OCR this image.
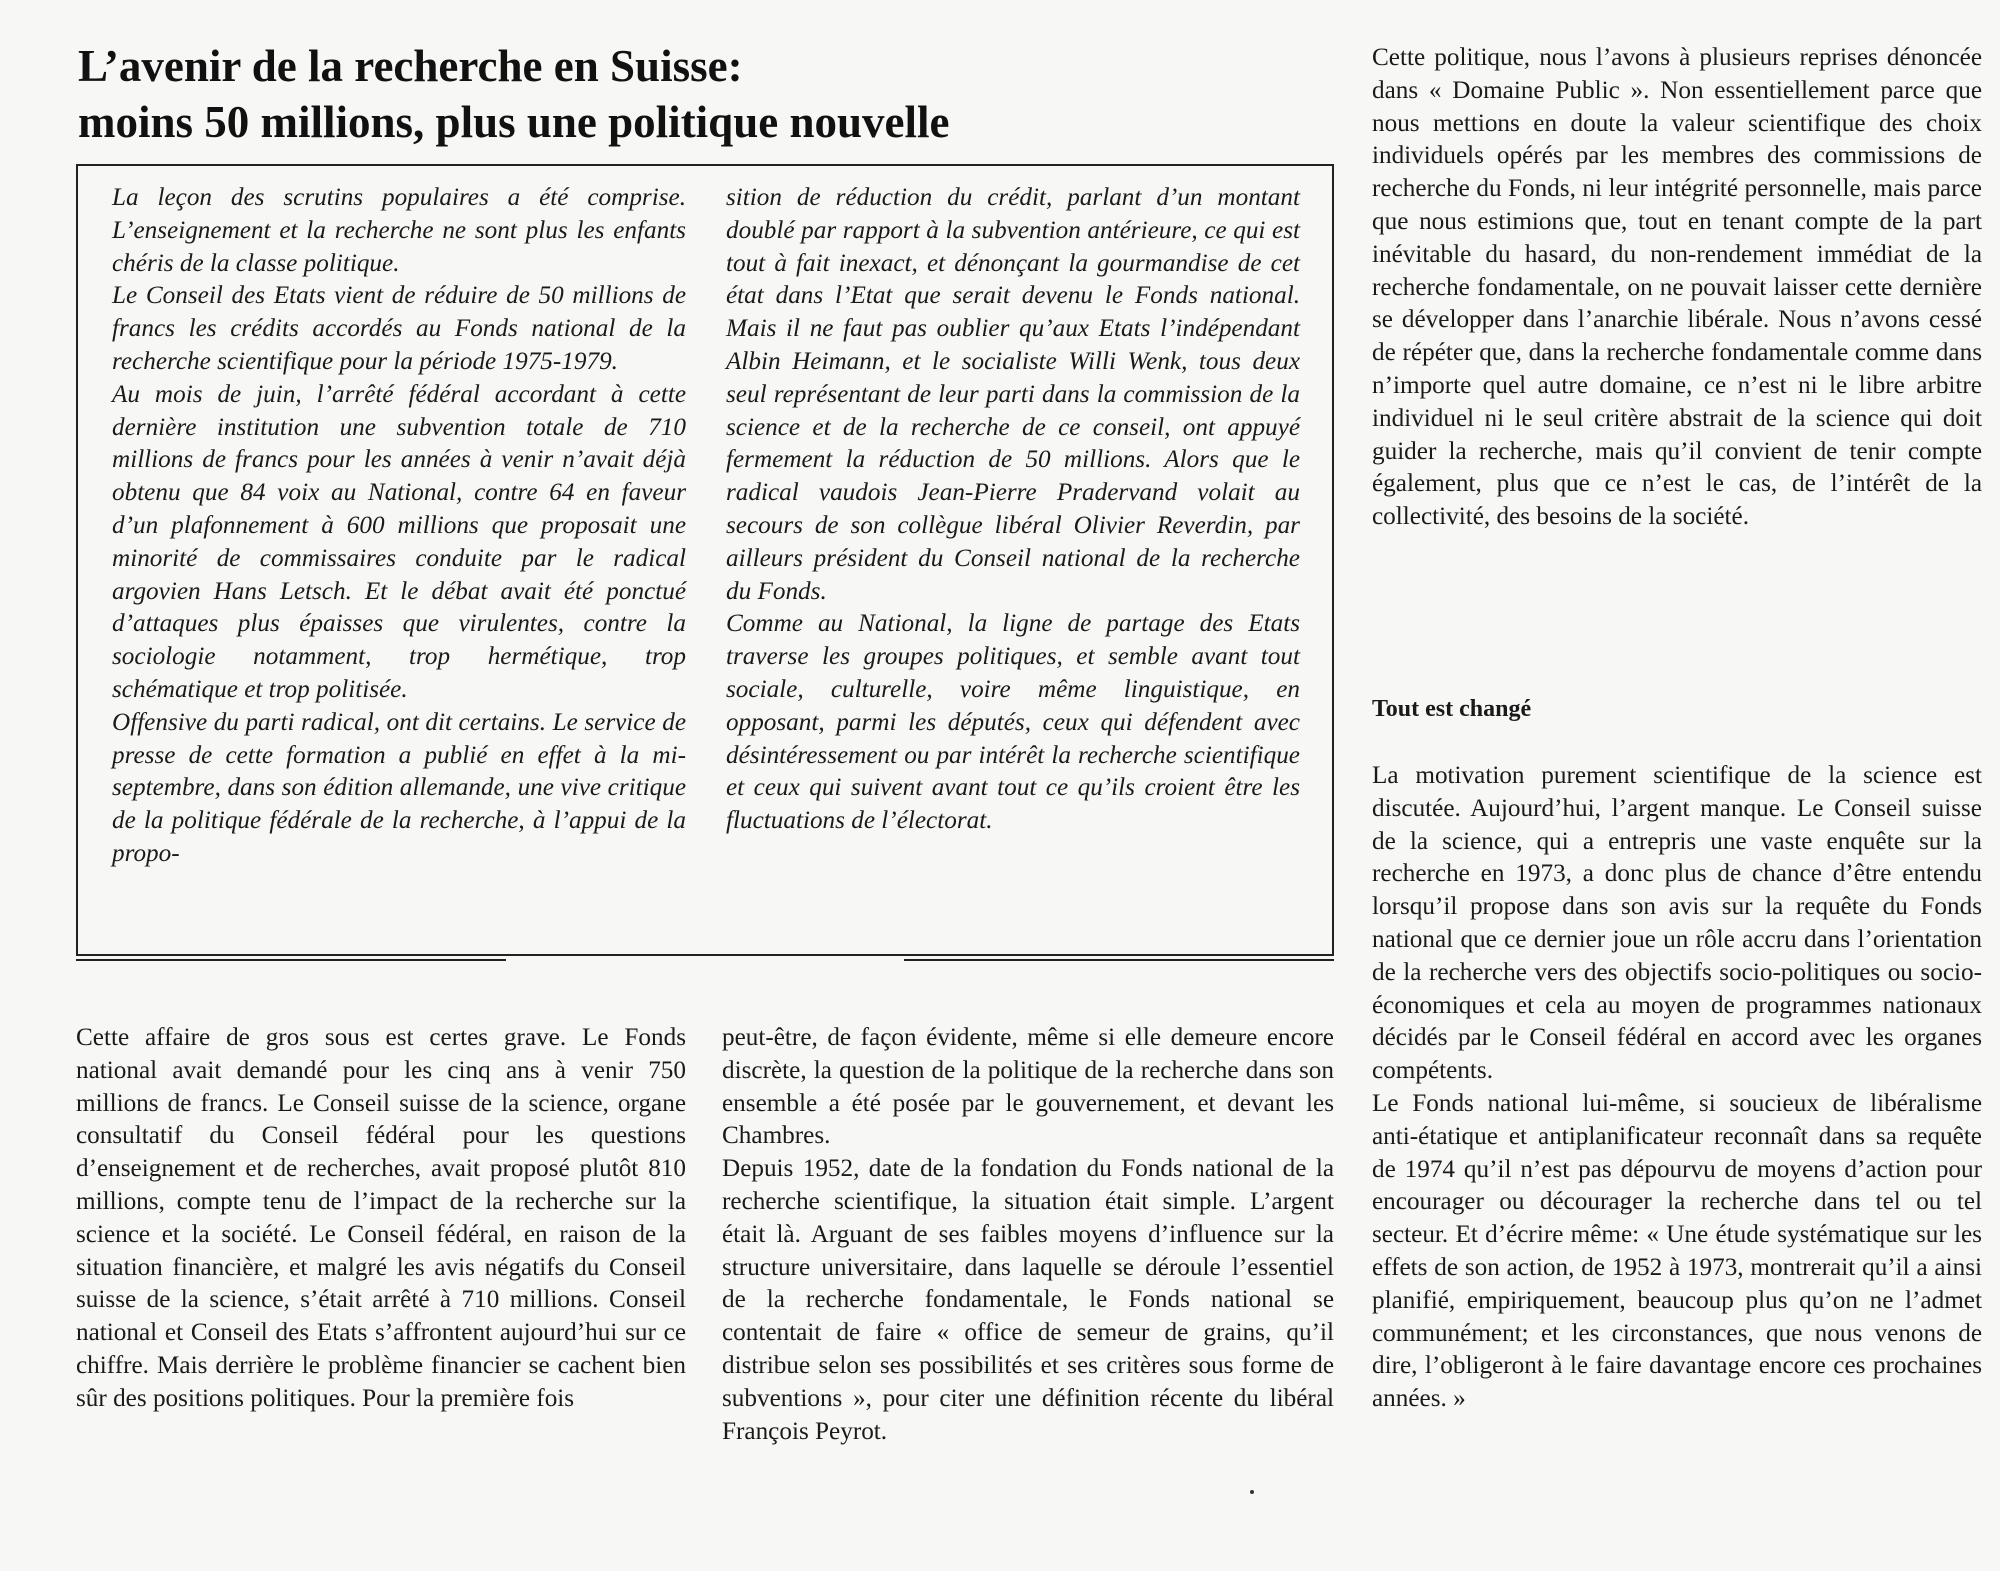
L’avenir de la recherche en Suisse:
moins 50 millions, plus une politique nouvelle

La leçon des scrutins populaires a été comprise. L’enseignement et la recherche ne sont plus les enfants chéris de la classe politique.

Le Conseil des Etats vient de réduire de 50 millions de francs les crédits accordés au Fonds national de la recherche scientifique pour la période 1975-1979.

Au mois de juin, l’arrêté fédéral accordant à cette dernière institution une subvention totale de 710 millions de francs pour les années à venir n’avait déjà obtenu que 84 voix au National, contre 64 en faveur d’un plafonnement à 600 millions que proposait une minorité de commissaires conduite par le radical argovien Hans Letsch. Et le débat avait été ponctué d’attaques plus épaisses que virulentes, contre la sociologie notamment, trop hermétique, trop schématique et trop politisée.

Offensive du parti radical, ont dit certains. Le service de presse de cette formation a publié en effet à la mi-septembre, dans son édition allemande, une vive critique de la politique fédérale de la recherche, à l’appui de la propo-

sition de réduction du crédit, parlant d’un montant doublé par rapport à la subvention antérieure, ce qui est tout à fait inexact, et dénonçant la gourmandise de cet état dans l’Etat que serait devenu le Fonds national. Mais il ne faut pas oublier qu’aux Etats l’indépendant Albin Heimann, et le socialiste Willi Wenk, tous deux seul représentant de leur parti dans la commission de la science et de la recherche de ce conseil, ont appuyé fermement la réduction de 50 millions. Alors que le radical vaudois Jean-Pierre Pradervand volait au secours de son collègue libéral Olivier Reverdin, par ailleurs président du Conseil national de la recherche du Fonds.

Comme au National, la ligne de partage des Etats traverse les groupes politiques, et semble avant tout sociale, culturelle, voire même linguistique, en opposant, parmi les députés, ceux qui défendent avec désintéressement ou par intérêt la recherche scientifique et ceux qui suivent avant tout ce qu’ils croient être les fluctuations de l’électorat.

Cette affaire de gros sous est certes grave. Le Fonds national avait demandé pour les cinq ans à venir 750 millions de francs. Le Conseil suisse de la science, organe consultatif du Conseil fédéral pour les questions d’enseignement et de recherches, avait proposé plutôt 810 millions, compte tenu de l’impact de la recherche sur la science et la société. Le Conseil fédéral, en raison de la situation financière, et malgré les avis négatifs du Conseil suisse de la science, s’était arrêté à 710 millions. Conseil national et Conseil des Etats s’affrontent aujourd’hui sur ce chiffre. Mais derrière le problème financier se cachent bien sûr des positions politiques. Pour la première fois

peut-être, de façon évidente, même si elle demeure encore discrète, la question de la politique de la recherche dans son ensemble a été posée par le gouvernement, et devant les Chambres.

Depuis 1952, date de la fondation du Fonds national de la recherche scientifique, la situation était simple. L’argent était là. Arguant de ses faibles moyens d’influence sur la structure universitaire, dans laquelle se déroule l’essentiel de la recherche fondamentale, le Fonds national se contentait de faire « office de semeur de grains, qu’il distribue selon ses possibilités et ses critères sous forme de subventions », pour citer une définition récente du libéral François Peyrot.

Cette politique, nous l’avons à plusieurs reprises dénoncée dans « Domaine Public ». Non essentiellement parce que nous mettions en doute la valeur scientifique des choix individuels opérés par les membres des commissions de recherche du Fonds, ni leur intégrité personnelle, mais parce que nous estimions que, tout en tenant compte de la part inévitable du hasard, du non-rendement immédiat de la recherche fondamentale, on ne pouvait laisser cette dernière se développer dans l’anarchie libérale. Nous n’avons cessé de répéter que, dans la recherche fondamentale comme dans n’importe quel autre domaine, ce n’est ni le libre arbitre individuel ni le seul critère abstrait de la science qui doit guider la recherche, mais qu’il convient de tenir compte également, plus que ce n’est le cas, de l’intérêt de la collectivité, des besoins de la société.

Tout est changé

La motivation purement scientifique de la science est discutée. Aujourd’hui, l’argent manque. Le Conseil suisse de la science, qui a entrepris une vaste enquête sur la recherche en 1973, a donc plus de chance d’être entendu lorsqu’il propose dans son avis sur la requête du Fonds national que ce dernier joue un rôle accru dans l’orientation de la recherche vers des objectifs socio-politiques ou socio-économiques et cela au moyen de programmes nationaux décidés par le Conseil fédéral en accord avec les organes compétents.

Le Fonds national lui-même, si soucieux de libéralisme anti-étatique et antiplanificateur reconnaît dans sa requête de 1974 qu’il n’est pas dépourvu de moyens d’action pour encourager ou décourager la recherche dans tel ou tel secteur. Et d’écrire même: « Une étude systématique sur les effets de son action, de 1952 à 1973, montrerait qu’il a ainsi planifié, empiriquement, beaucoup plus qu’on ne l’admet communément; et les circonstances, que nous venons de dire, l’obligeront à le faire davantage encore ces prochaines années. »
